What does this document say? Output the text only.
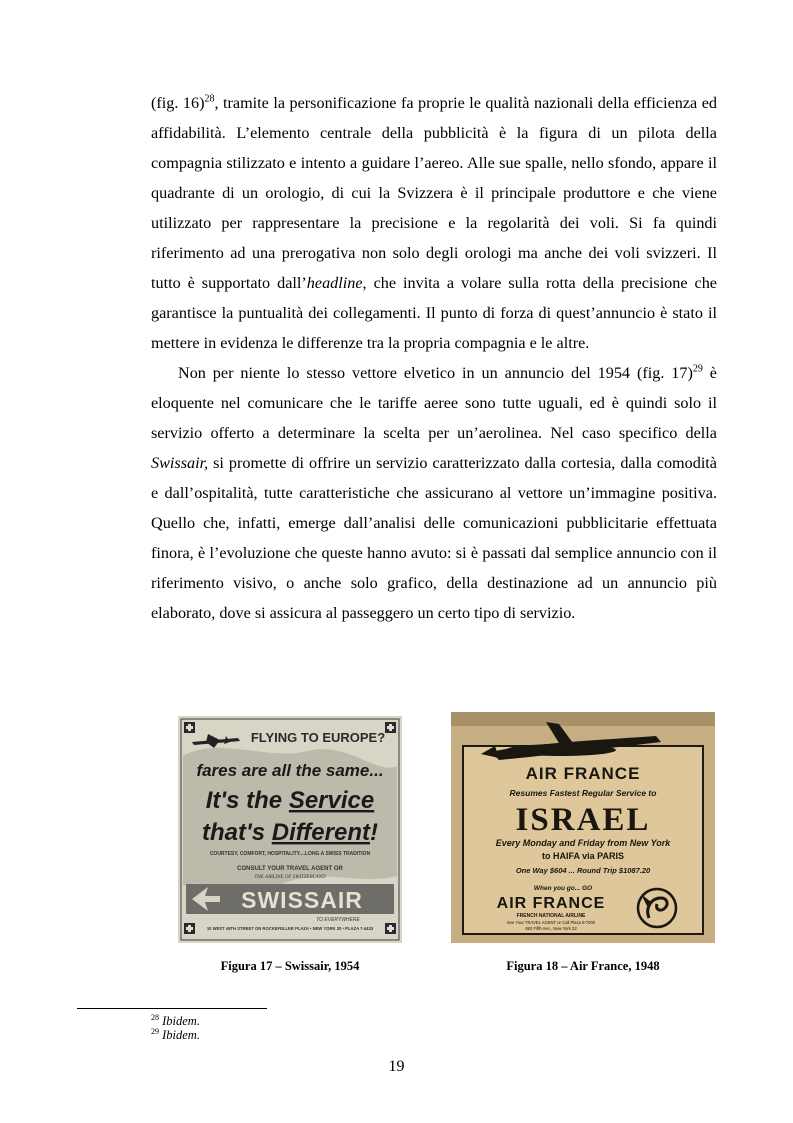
(fig. 16)$^{28}$, tramite la personificazione fa proprie le qualità nazionali della efficienza ed affidabilità. L’elemento centrale della pubblicità è la figura di un pilota della compagnia stilizzato e intento a guidare l’aereo. Alle sue spalle, nello sfondo, appare il quadrante di un orologio, di cui la Svizzera è il principale produttore e che viene utilizzato per rappresentare la precisione e la regolarità dei voli. Si fa quindi riferimento ad una prerogativa non solo degli orologi ma anche dei voli svizzeri. Il tutto è supportato dall’headline, che invita a volare sulla rotta della precisione che garantisce la puntualità dei collegamenti. Il punto di forza di quest’annuncio è stato il mettere in evidenza le differenze tra la propria compagnia e le altre.

Non per niente lo stesso vettore elvetico in un annuncio del 1954 (fig. 17)$^{29}$ è eloquente nel comunicare che le tariffe aeree sono tutte uguali, ed è quindi solo il servizio offerto a determinare la scelta per un’aerolinea. Nel caso specifico della Swissair, si promette di offrire un servizio caratterizzato dalla cortesia, dalla comodità e dall’ospitalità, tutte caratteristiche che assicurano al vettore un’immagine positiva. Quello che, infatti, emerge dall’analisi delle comunicazioni pubblicitarie effettuata finora, è l’evoluzione che queste hanno avuto: si è passati dal semplice annuncio con il riferimento visivo, o anche solo grafico, della destinazione ad un annuncio più elaborato, dove si assicura al passeggero un certo tipo di servizio.

FLYING TO EUROPE?
fares are all the same...
It's the Service
that's Different!
COURTESY, COMFORT, HOSPITALITY....LONG A SWISS TRADITION
CONSULT YOUR TRAVEL AGENT OR
THE AIRLINE OF SWITZERLAND
SWISSAIR
TO EVERYWHERE
10 WEST 49TH STREET ON ROCKEFELLER PLAZA • NEW YORK 20 • PLAZA 7-4433
AIR FRANCE
Resumes Fastest Regular Service to
ISRAEL
Every Monday and Friday from New York
to HAIFA via PARIS
One Way $604 ... Round Trip $1087.20
When you go... GO
AIR FRANCE
FRENCH NATIONAL AIRLINE
See Your TRAVEL AGENT or Call Plaza 9-7000
683 Fifth Ave., New York 22
Figura 17 – Swissair, 1954	Figura 18 – Air France, 1948
$^{28}$ Ibidem.
$^{29}$ Ibidem.
19
